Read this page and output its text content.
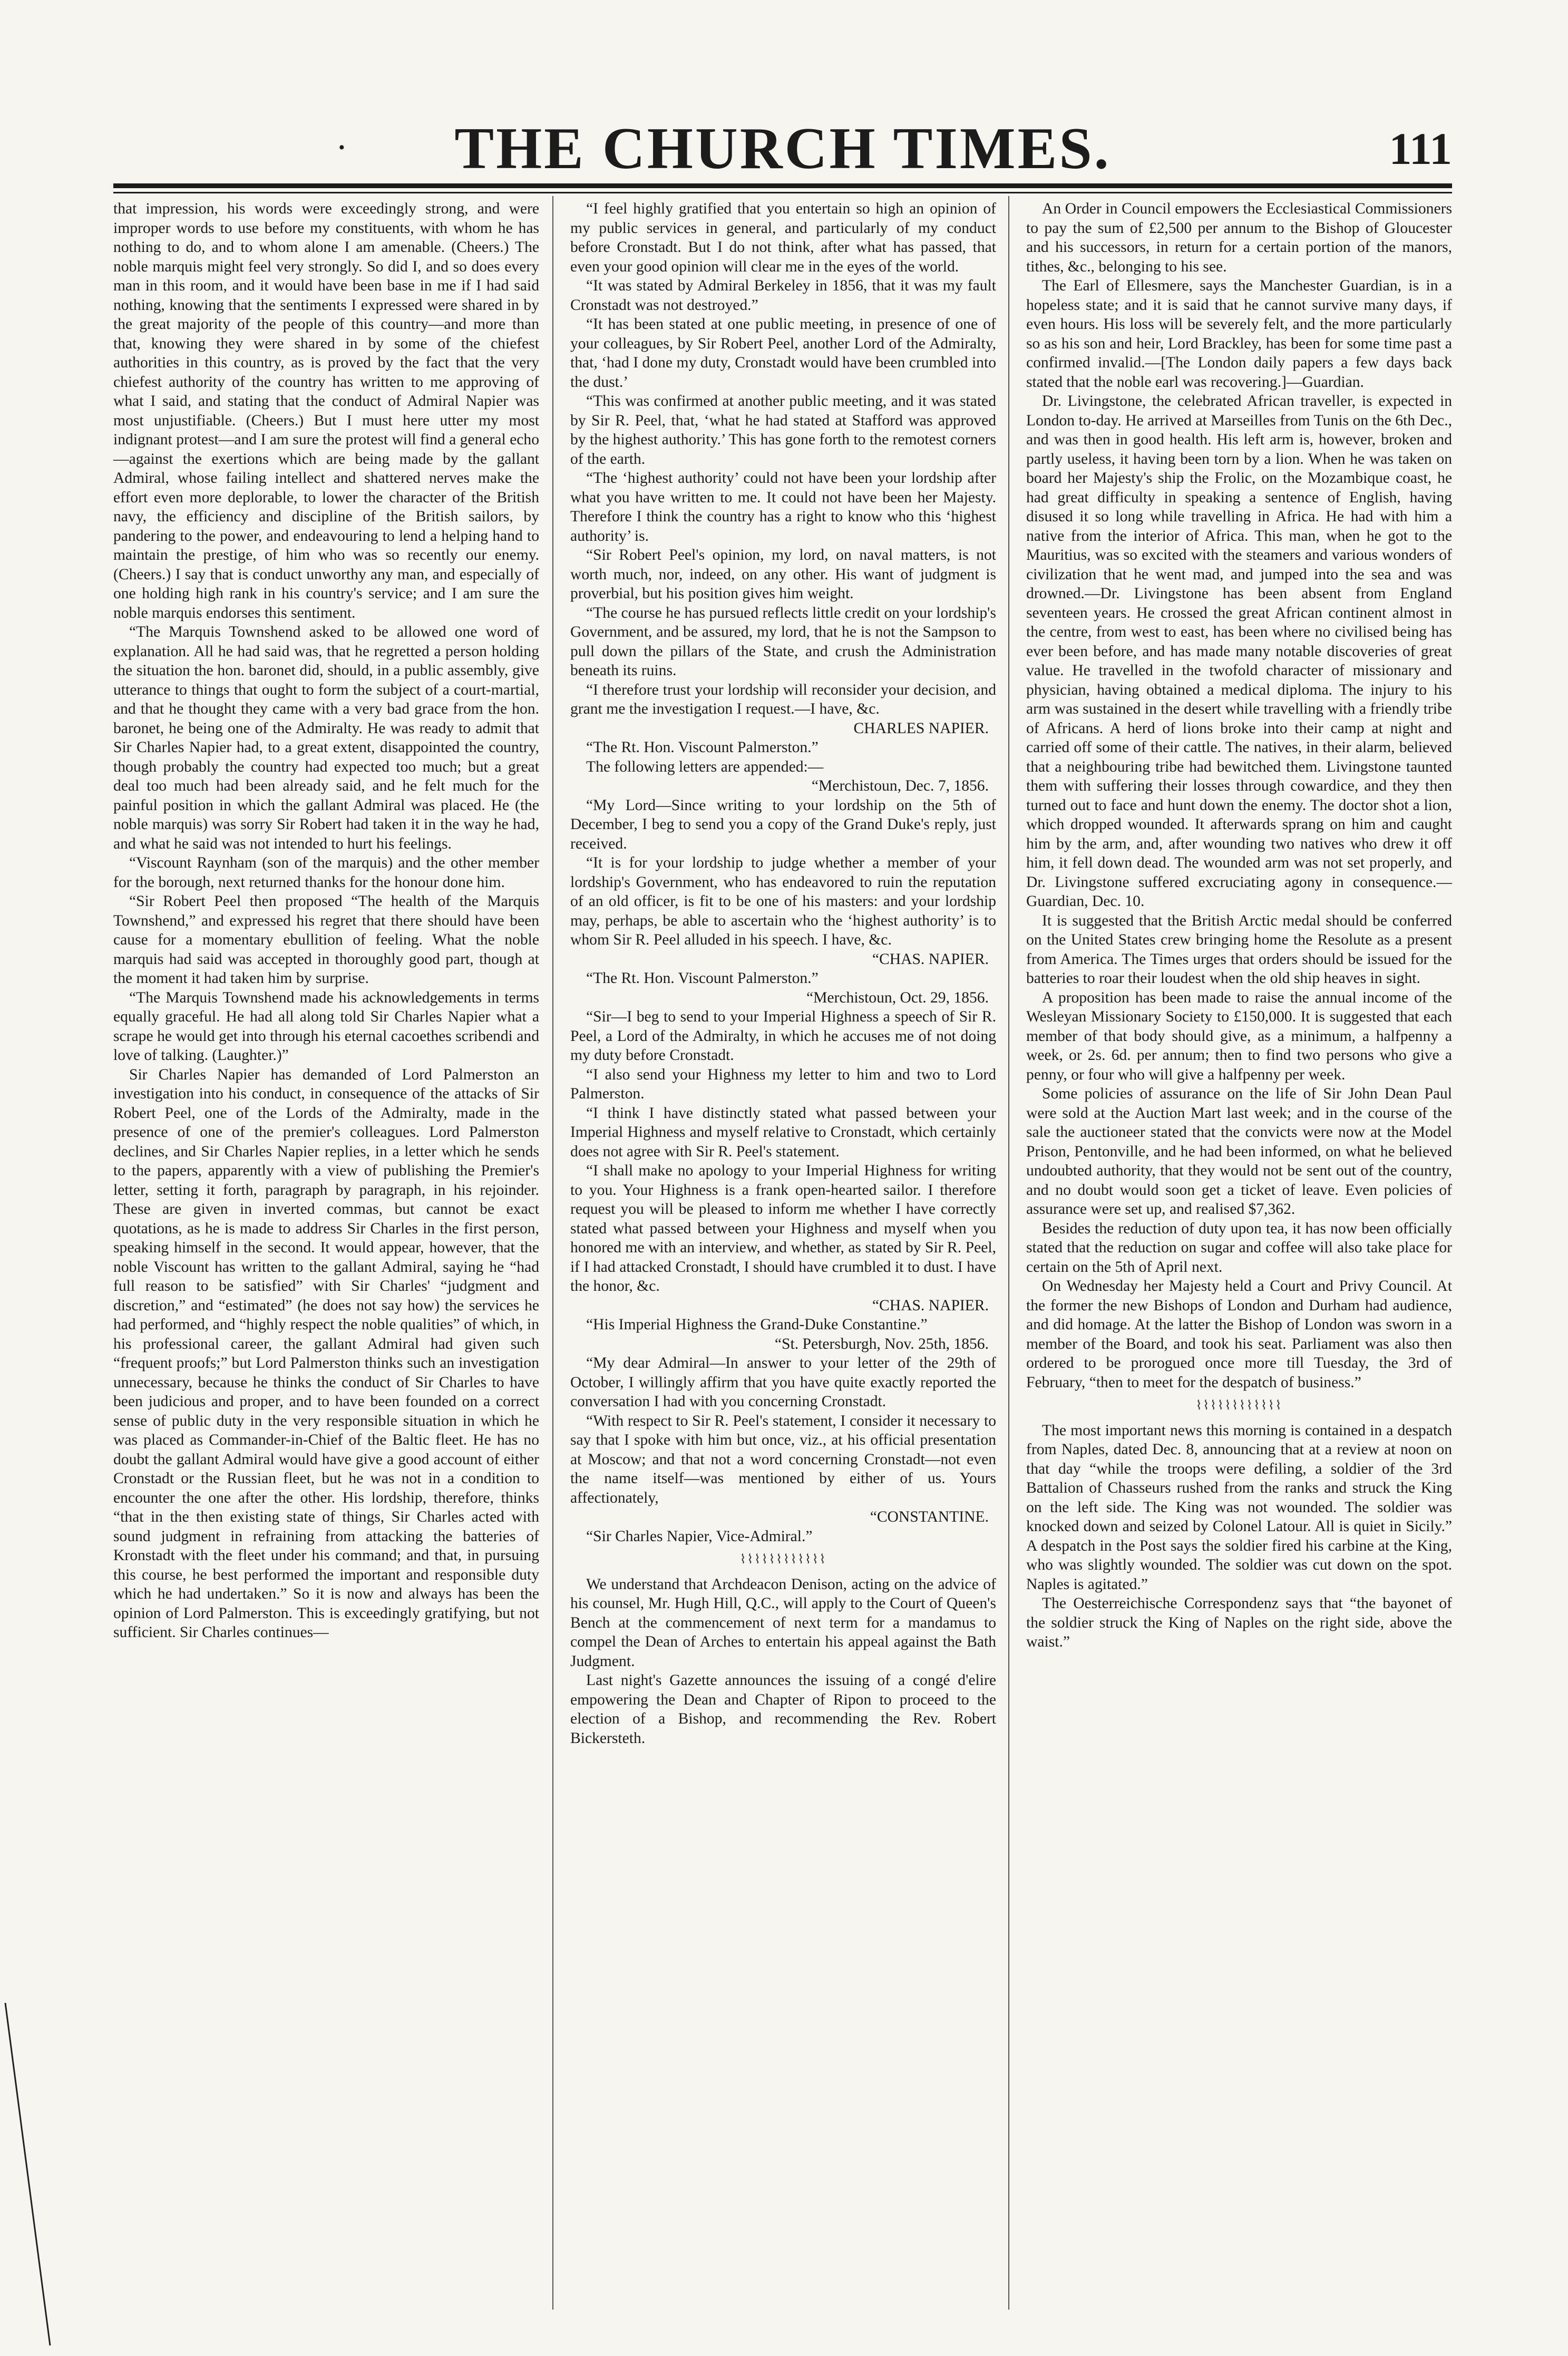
·	THE CHURCH TIMES.	111

that impression, his words were exceedingly strong, and were improper words to use before my constituents, with whom he has nothing to do, and to whom alone I am amenable. (Cheers.) The noble marquis might feel very strongly. So did I, and so does every man in this room, and it would have been base in me if I had said nothing, knowing that the sentiments I expressed were shared in by the great majority of the people of this country—and more than that, knowing they were shared in by some of the chiefest authorities in this country, as is proved by the fact that the very chiefest authority of the country has written to me approving of what I said, and stating that the conduct of Admiral Napier was most unjustifiable. (Cheers.) But I must here utter my most indignant protest—and I am sure the protest will find a general echo—against the exertions which are being made by the gallant Admiral, whose failing intellect and shattered nerves make the effort even more deplorable, to lower the character of the British navy, the efficiency and discipline of the British sailors, by pandering to the power, and endeavouring to lend a helping hand to maintain the prestige, of him who was so recently our enemy. (Cheers.) I say that is conduct unworthy any man, and especially of one holding high rank in his country's service; and I am sure the noble marquis endorses this sentiment.

“The Marquis Townshend asked to be allowed one word of explanation. All he had said was, that he regretted a person holding the situation the hon. baronet did, should, in a public assembly, give utterance to things that ought to form the subject of a court-martial, and that he thought they came with a very bad grace from the hon. baronet, he being one of the Admiralty. He was ready to admit that Sir Charles Napier had, to a great extent, disappointed the country, though probably the country had expected too much; but a great deal too much had been already said, and he felt much for the painful position in which the gallant Admiral was placed. He (the noble marquis) was sorry Sir Robert had taken it in the way he had, and what he said was not intended to hurt his feelings.

“Viscount Raynham (son of the marquis) and the other member for the borough, next returned thanks for the honour done him.

“Sir Robert Peel then proposed “The health of the Marquis Townshend,” and expressed his regret that there should have been cause for a momentary ebullition of feeling. What the noble marquis had said was accepted in thoroughly good part, though at the moment it had taken him by surprise.

“The Marquis Townshend made his acknowledgements in terms equally graceful. He had all along told Sir Charles Napier what a scrape he would get into through his eternal cacoethes scribendi and love of talking. (Laughter.)”

Sir Charles Napier has demanded of Lord Palmerston an investigation into his conduct, in consequence of the attacks of Sir Robert Peel, one of the Lords of the Admiralty, made in the presence of one of the premier's colleagues. Lord Palmerston declines, and Sir Charles Napier replies, in a letter which he sends to the papers, apparently with a view of publishing the Premier's letter, setting it forth, paragraph by paragraph, in his rejoinder. These are given in inverted commas, but cannot be exact quotations, as he is made to address Sir Charles in the first person, speaking himself in the second. It would appear, however, that the noble Viscount has written to the gallant Admiral, saying he “had full reason to be satisfied” with Sir Charles' “judgment and discretion,” and “estimated” (he does not say how) the services he had performed, and “highly respect the noble qualities” of which, in his professional career, the gallant Admiral had given such “frequent proofs;” but Lord Palmerston thinks such an investigation unnecessary, because he thinks the conduct of Sir Charles to have been judicious and proper, and to have been founded on a correct sense of public duty in the very responsible situation in which he was placed as Commander-in-Chief of the Baltic fleet. He has no doubt the gallant Admiral would have give a good account of either Cronstadt or the Russian fleet, but he was not in a condition to encounter the one after the other. His lordship, therefore, thinks “that in the then existing state of things, Sir Charles acted with sound judgment in refraining from attacking the batteries of Kronstadt with the fleet under his command; and that, in pursuing this course, he best performed the important and responsible duty which he had undertaken.” So it is now and always has been the opinion of Lord Palmerston. This is exceedingly gratifying, but not sufficient. Sir Charles continues—

“I feel highly gratified that you entertain so high an opinion of my public services in general, and particularly of my conduct before Cronstadt. But I do not think, after what has passed, that even your good opinion will clear me in the eyes of the world.

“It was stated by Admiral Berkeley in 1856, that it was my fault Cronstadt was not destroyed.”

“It has been stated at one public meeting, in presence of one of your colleagues, by Sir Robert Peel, another Lord of the Admiralty, that, ‘had I done my duty, Cronstadt would have been crumbled into the dust.’

“This was confirmed at another public meeting, and it was stated by Sir R. Peel, that, ‘what he had stated at Stafford was approved by the highest authority.’ This has gone forth to the remotest corners of the earth.

“The ‘highest authority’ could not have been your lordship after what you have written to me. It could not have been her Majesty. Therefore I think the country has a right to know who this ‘highest authority’ is.

“Sir Robert Peel's opinion, my lord, on naval matters, is not worth much, nor, indeed, on any other. His want of judgment is proverbial, but his position gives him weight.

“The course he has pursued reflects little credit on your lordship's Government, and be assured, my lord, that he is not the Sampson to pull down the pillars of the State, and crush the Administration beneath its ruins.

“I therefore trust your lordship will reconsider your decision, and grant me the investigation I request.—I have, &c.

CHARLES NAPIER.

“The Rt. Hon. Viscount Palmerston.”

The following letters are appended:—

“Merchistoun, Dec. 7, 1856.

“My Lord—Since writing to your lordship on the 5th of December, I beg to send you a copy of the Grand Duke's reply, just received.

“It is for your lordship to judge whether a member of your lordship's Government, who has endeavored to ruin the reputation of an old officer, is fit to be one of his masters: and your lordship may, perhaps, be able to ascertain who the ‘highest authority’ is to whom Sir R. Peel alluded in his speech. I have, &c.

“CHAS. NAPIER.

“The Rt. Hon. Viscount Palmerston.”

“Merchistoun, Oct. 29, 1856.

“Sir—I beg to send to your Imperial Highness a speech of Sir R. Peel, a Lord of the Admiralty, in which he accuses me of not doing my duty before Cronstadt.

“I also send your Highness my letter to him and two to Lord Palmerston.

“I think I have distinctly stated what passed between your Imperial Highness and myself relative to Cronstadt, which certainly does not agree with Sir R. Peel's statement.

“I shall make no apology to your Imperial Highness for writing to you. Your Highness is a frank open-hearted sailor. I therefore request you will be pleased to inform me whether I have correctly stated what passed between your Highness and myself when you honored me with an interview, and whether, as stated by Sir R. Peel, if I had attacked Cronstadt, I should have crumbled it to dust. I have the honor, &c.

“CHAS. NAPIER.

“His Imperial Highness the Grand-Duke Constantine.”

“St. Petersburgh, Nov. 25th, 1856.

“My dear Admiral—In answer to your letter of the 29th of October, I willingly affirm that you have quite exactly reported the conversation I had with you concerning Cronstadt.

“With respect to Sir R. Peel's statement, I consider it necessary to say that I spoke with him but once, viz., at his official presentation at Moscow; and that not a word concerning Cronstadt—not even the name itself—was mentioned by either of us. Yours affectionately,

“CONSTANTINE.

“Sir Charles Napier, Vice-Admiral.”

⌇⌇⌇⌇⌇⌇⌇⌇⌇⌇⌇⌇

We understand that Archdeacon Denison, acting on the advice of his counsel, Mr. Hugh Hill, Q.C., will apply to the Court of Queen's Bench at the commencement of next term for a mandamus to compel the Dean of Arches to entertain his appeal against the Bath Judgment.

Last night's Gazette announces the issuing of a congé d'elire empowering the Dean and Chapter of Ripon to proceed to the election of a Bishop, and recommending the Rev. Robert Bickersteth.

An Order in Council empowers the Ecclesiastical Commissioners to pay the sum of £2,500 per annum to the Bishop of Gloucester and his successors, in return for a certain portion of the manors, tithes, &c., belonging to his see.

The Earl of Ellesmere, says the Manchester Guardian, is in a hopeless state; and it is said that he cannot survive many days, if even hours. His loss will be severely felt, and the more particularly so as his son and heir, Lord Brackley, has been for some time past a confirmed invalid.—[The London daily papers a few days back stated that the noble earl was recovering.]—Guardian.

Dr. Livingstone, the celebrated African traveller, is expected in London to-day. He arrived at Marseilles from Tunis on the 6th Dec., and was then in good health. His left arm is, however, broken and partly useless, it having been torn by a lion. When he was taken on board her Majesty's ship the Frolic, on the Mozambique coast, he had great difficulty in speaking a sentence of English, having disused it so long while travelling in Africa. He had with him a native from the interior of Africa. This man, when he got to the Mauritius, was so excited with the steamers and various wonders of civilization that he went mad, and jumped into the sea and was drowned.—Dr. Livingstone has been absent from England seventeen years. He crossed the great African continent almost in the centre, from west to east, has been where no civilised being has ever been before, and has made many notable discoveries of great value. He travelled in the twofold character of missionary and physician, having obtained a medical diploma. The injury to his arm was sustained in the desert while travelling with a friendly tribe of Africans. A herd of lions broke into their camp at night and carried off some of their cattle. The natives, in their alarm, believed that a neighbouring tribe had bewitched them. Livingstone taunted them with suffering their losses through cowardice, and they then turned out to face and hunt down the enemy. The doctor shot a lion, which dropped wounded. It afterwards sprang on him and caught him by the arm, and, after wounding two natives who drew it off him, it fell down dead. The wounded arm was not set properly, and Dr. Livingstone suffered excruciating agony in consequence.—Guardian, Dec. 10.

It is suggested that the British Arctic medal should be conferred on the United States crew bringing home the Resolute as a present from America. The Times urges that orders should be issued for the batteries to roar their loudest when the old ship heaves in sight.

A proposition has been made to raise the annual income of the Wesleyan Missionary Society to £150,000. It is suggested that each member of that body should give, as a minimum, a halfpenny a week, or 2s. 6d. per annum; then to find two persons who give a penny, or four who will give a halfpenny per week.

Some policies of assurance on the life of Sir John Dean Paul were sold at the Auction Mart last week; and in the course of the sale the auctioneer stated that the convicts were now at the Model Prison, Pentonville, and he had been informed, on what he believed undoubted authority, that they would not be sent out of the country, and no doubt would soon get a ticket of leave. Even policies of assurance were set up, and realised $7,362.

Besides the reduction of duty upon tea, it has now been officially stated that the reduction on sugar and coffee will also take place for certain on the 5th of April next.

On Wednesday her Majesty held a Court and Privy Council. At the former the new Bishops of London and Durham had audience, and did homage. At the latter the Bishop of London was sworn in a member of the Board, and took his seat. Parliament was also then ordered to be prorogued once more till Tuesday, the 3rd of February, “then to meet for the despatch of business.”

⌇⌇⌇⌇⌇⌇⌇⌇⌇⌇⌇⌇

The most important news this morning is contained in a despatch from Naples, dated Dec. 8, announcing that at a review at noon on that day “while the troops were defiling, a soldier of the 3rd Battalion of Chasseurs rushed from the ranks and struck the King on the left side. The King was not wounded. The soldier was knocked down and seized by Colonel Latour. All is quiet in Sicily.” A despatch in the Post says the soldier fired his carbine at the King, who was slightly wounded. The soldier was cut down on the spot. Naples is agitated.”

The Oesterreichische Correspondenz says that “the bayonet of the soldier struck the King of Naples on the right side, above the waist.”
